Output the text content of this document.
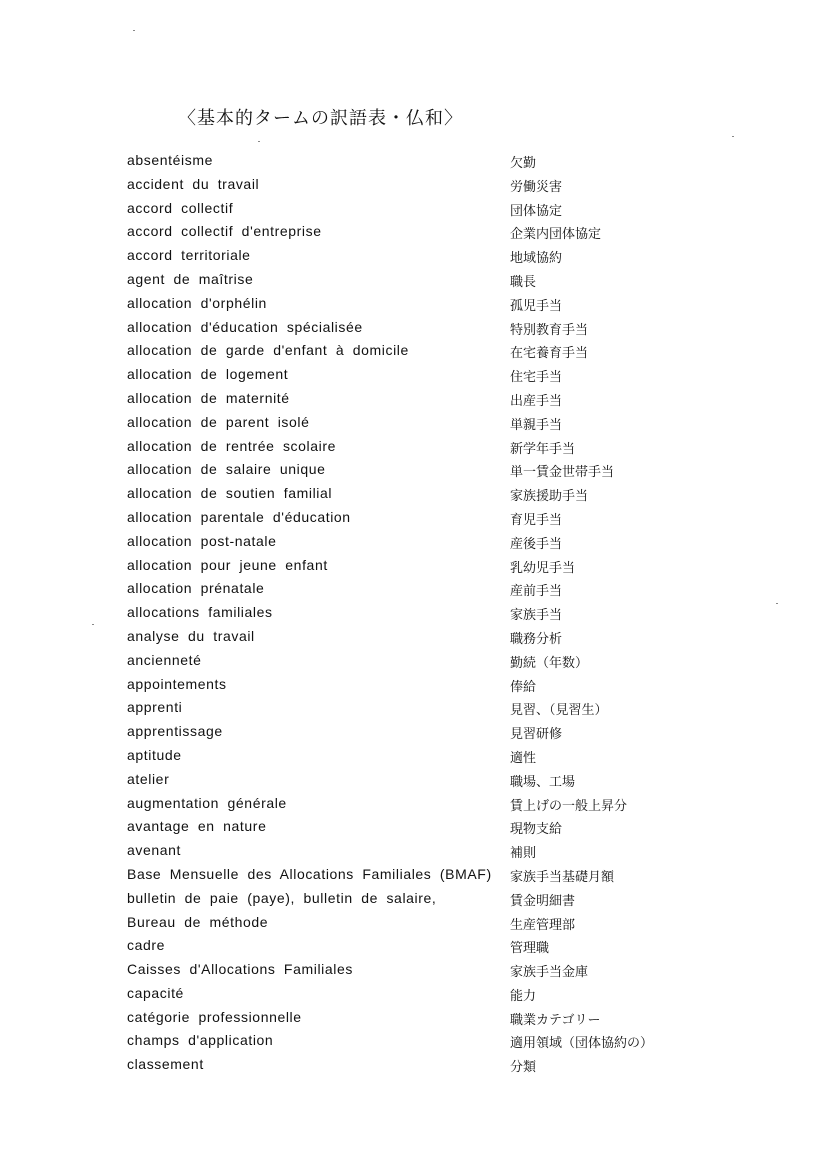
〈基本的タームの訳語表・仏和〉
absentéisme	欠勤
accident du travail	労働災害
accord collectif	団体協定
accord collectif d'entreprise	企業内団体協定
accord territoriale	地域協約
agent de maîtrise	職長
allocation d'orphélin	孤児手当
allocation d'éducation spécialisée	特別教育手当
allocation de garde d'enfant à domicile	在宅養育手当
allocation de logement	住宅手当
allocation de maternité	出産手当
allocation de parent isolé	単親手当
allocation de rentrée scolaire	新学年手当
allocation de salaire unique	単一賃金世帯手当
allocation de soutien familial	家族援助手当
allocation parentale d'éducation	育児手当
allocation post-natale	産後手当
allocation pour jeune enfant	乳幼児手当
allocation prénatale	産前手当
allocations familiales	家族手当
analyse du travail	職務分析
ancienneté	勤続（年数）
appointements	俸給
apprenti	見習、（見習生）
apprentissage	見習研修
aptitude	適性
atelier	職場、工場
augmentation générale	賃上げの一般上昇分
avantage en nature	現物支給
avenant	補則
Base Mensuelle des Allocations Familiales (BMAF) 家族手当基礎月額
bulletin de paie (paye), bulletin de salaire,	賃金明細書
Bureau de méthode	生産管理部
cadre	管理職
Caisses d'Allocations Familiales	家族手当金庫
capacité	能力
catégorie professionnelle	職業カテゴリー
champs d'application	適用領域（団体協約の）
classement	分類
